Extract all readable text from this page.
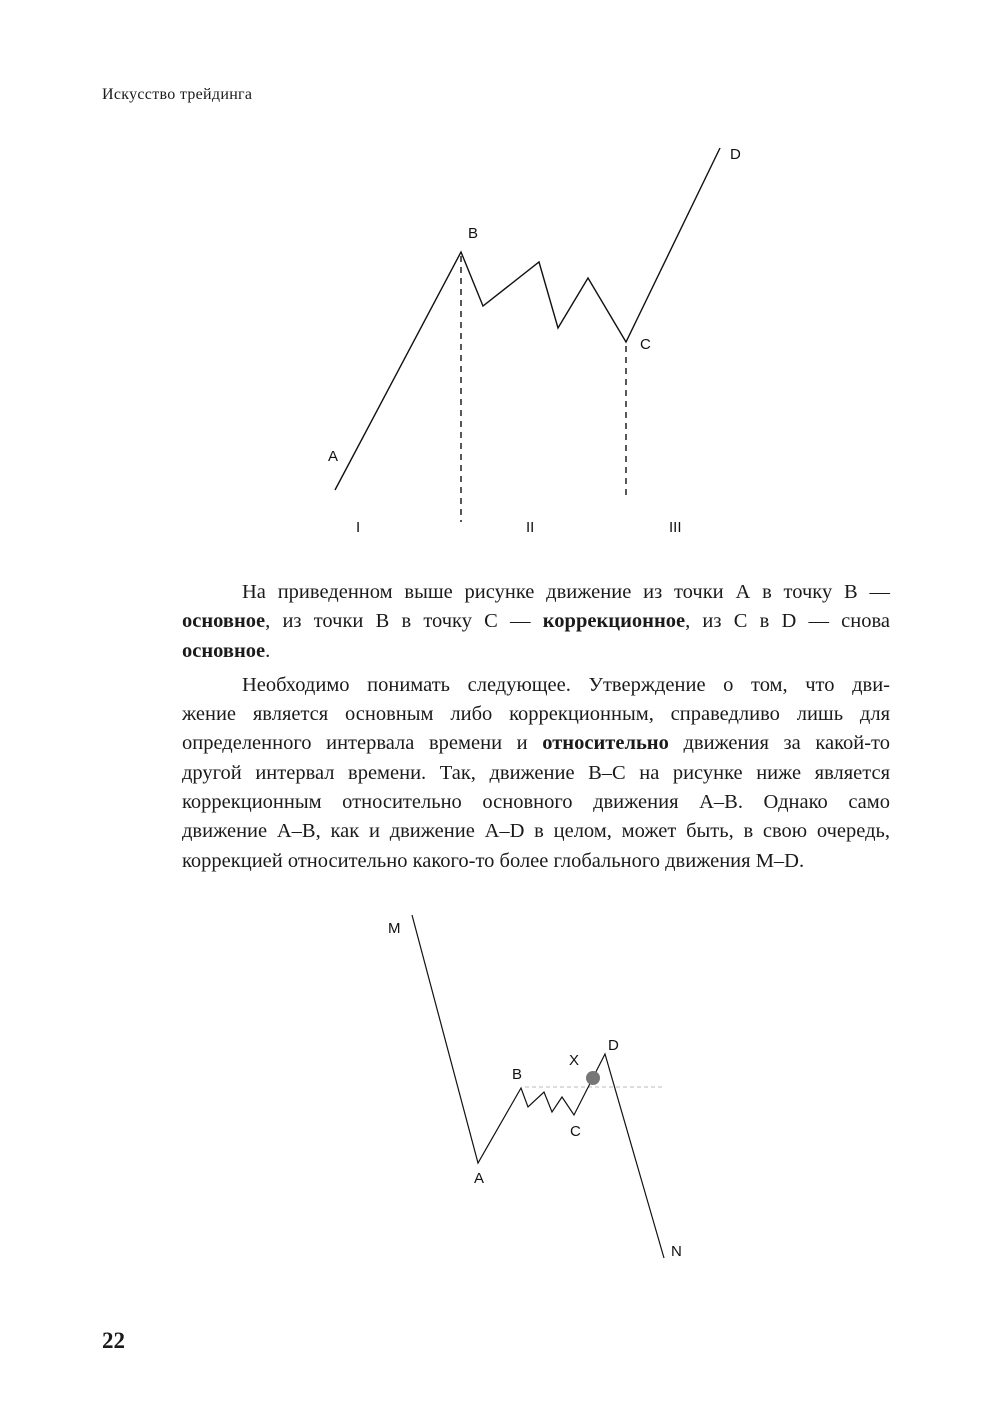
Искусство трейдинга
A
B
C
D
I	II	III
На приведенном выше рисунке движение из точки А в точку В —
основное, из точки В в точку С — коррекционное, из С в D — снова
основное.
Необходимо понимать следующее. Утверждение о том, что дви-
жение является основным либо коррекционным, справедливо лишь для
определенного интервала времени и относительно движения за какой-то
другой интервал времени. Так, движение В–С на рисунке ниже является
коррекционным относительно основного движения А–В. Однако само
движение А–В, как и движение А–D в целом, может быть, в свою очередь,
коррекцией относительно какого-то более глобального движения М–D.
M
A
B
C
X
D
N
22
